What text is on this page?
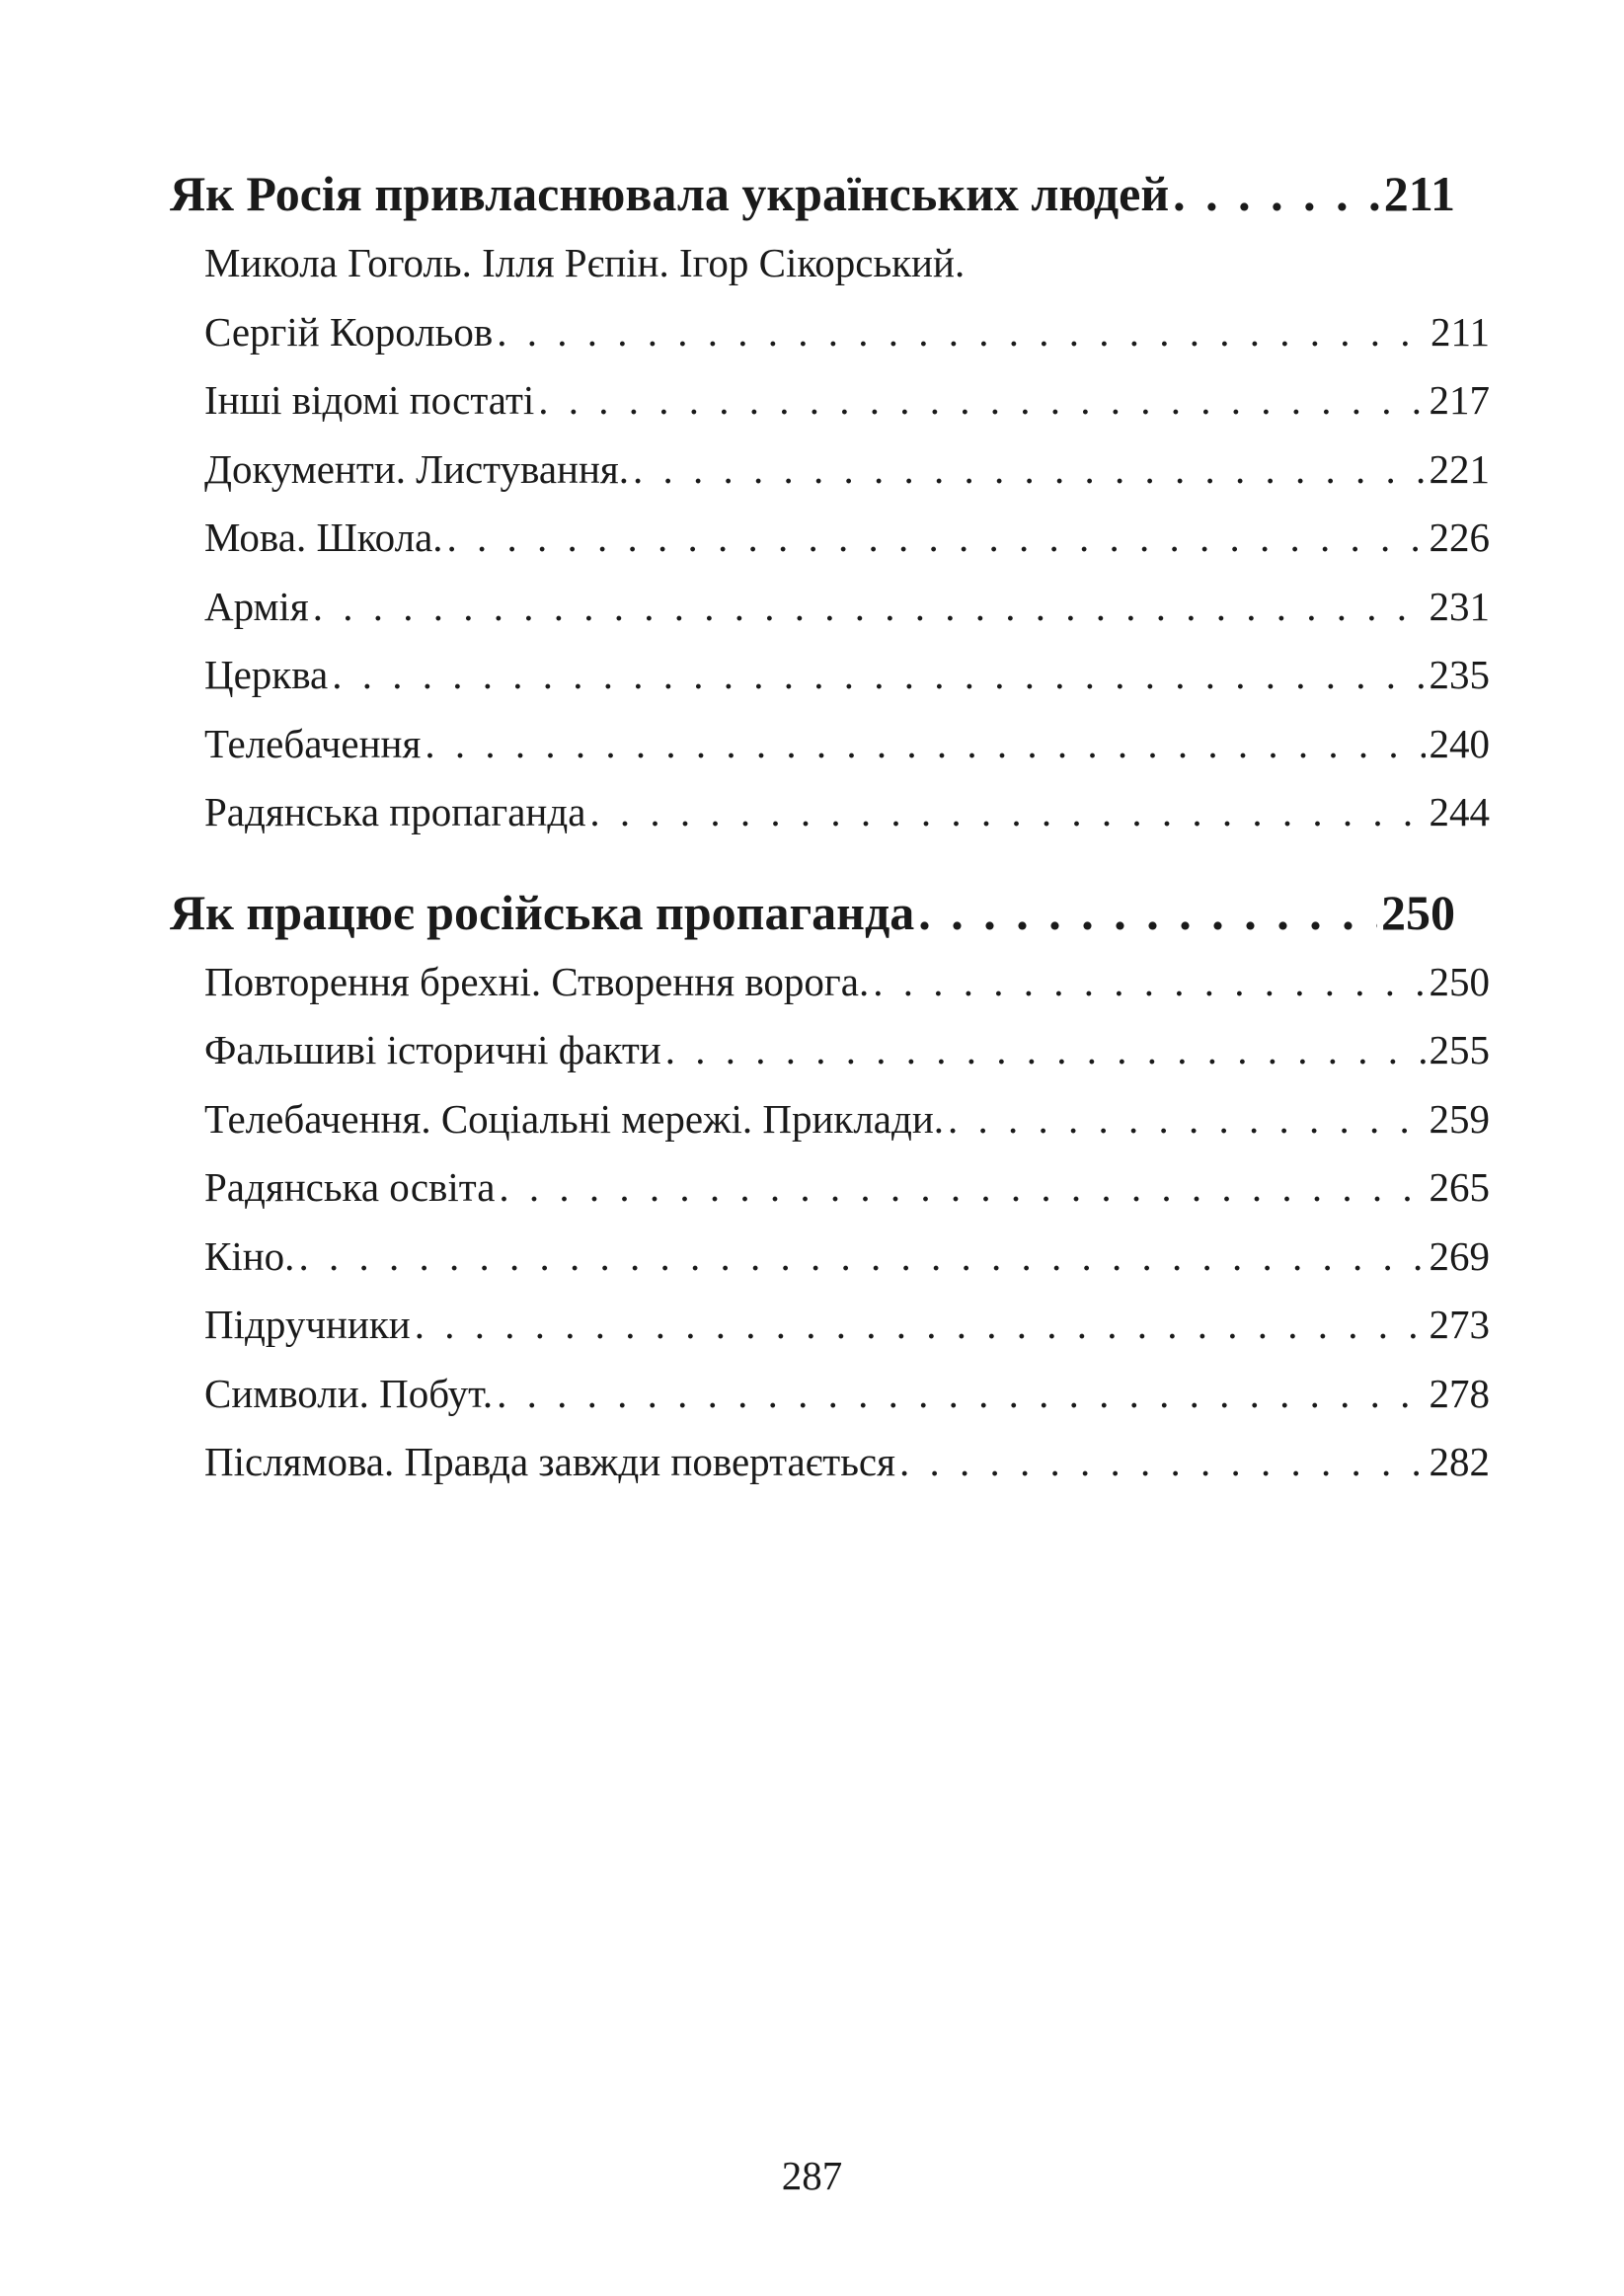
Як Росія привласнювала українських людей . . .	211
Микола Гоголь. Ілля Рєпін. Ігор Сікорський.
Сергій Корольов . . .	211
Інші відомі постаті . . .	217
Документи. Листування. . . .	221
Мова. Школа. . . .	226
Армія . . .	231
Церква . . .	235
Телебачення . . .	240
Радянська пропаганда . . .	244
Як працює російська пропаганда . . .	250
Повторення брехні. Створення ворога. . . .	250
Фальшиві історичні факти . . .	255
Телебачення. Соціальні мережі. Приклади. . . .	259
Радянська освіта . . .	265
Кіно. . . .	269
Підручники . . .	273
Символи. Побут. . . .	278
Післямова. Правда завжди повертається . . .	282
287
